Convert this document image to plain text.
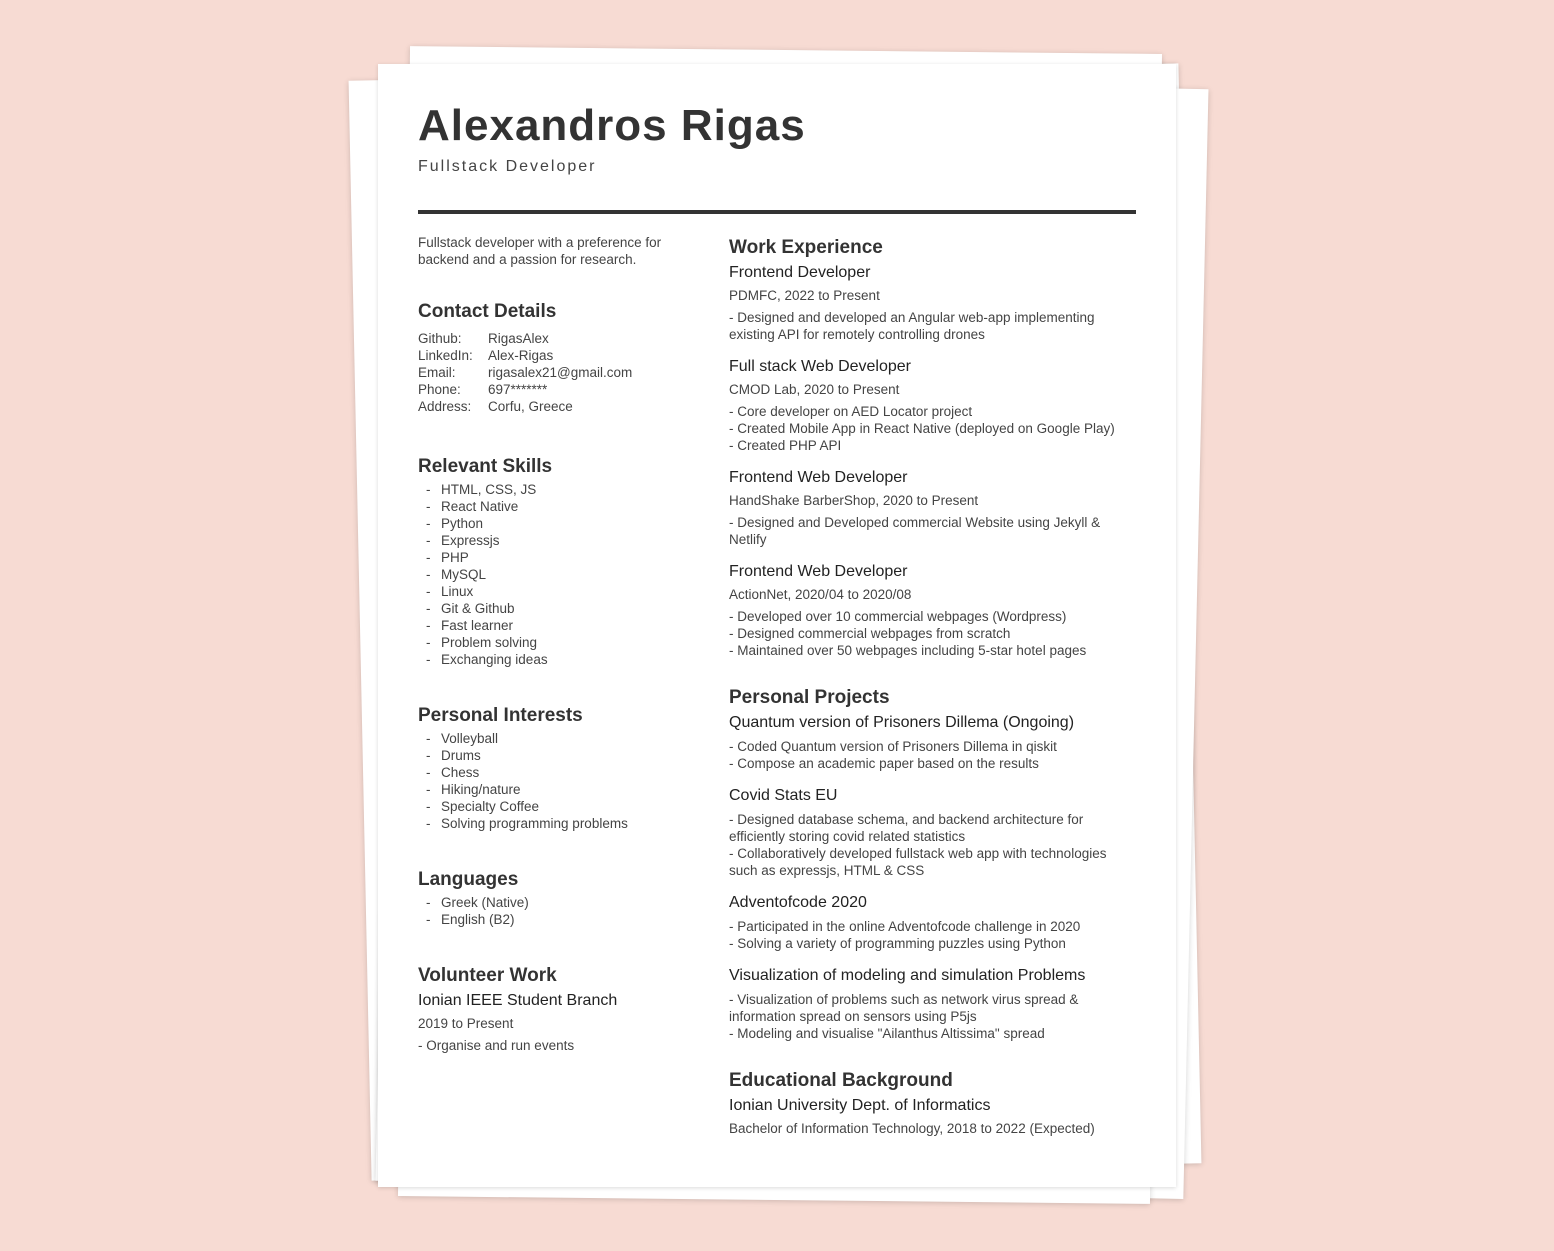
Alexandros Rigas
Fullstack Developer

Fullstack developer with a preference for backend and a passion for research.

Contact Details
Github:	RigasAlex
LinkedIn:	Alex-Rigas
Email:	rigasalex21@gmail.com
Phone:	697*******
Address:	Corfu, Greece
Relevant Skills
- HTML, CSS, JS
- React Native
- Python
- Expressjs
- PHP
- MySQL
- Linux
- Git & Github
- Fast learner
- Problem solving
- Exchanging ideas
Personal Interests
- Volleyball
- Drums
- Chess
- Hiking/nature
- Specialty Coffee
- Solving programming problems
Languages
- Greek (Native)
- English (B2)
Volunteer Work
Ionian IEEE Student Branch
2019 to Present
- Organise and run events
Work Experience
Frontend Developer
PDMFC, 2022 to Present
- Designed and developed an Angular web-app implementing existing API for remotely controlling drones
Full stack Web Developer
CMOD Lab, 2020 to Present
- Core developer on AED Locator project
- Created Mobile App in React Native (deployed on Google Play)
- Created PHP API
Frontend Web Developer
HandShake BarberShop, 2020 to Present
- Designed and Developed commercial Website using Jekyll & Netlify
Frontend Web Developer
ActionNet, 2020/04 to 2020/08
- Developed over 10 commercial webpages (Wordpress)
- Designed commercial webpages from scratch
- Maintained over 50 webpages including 5-star hotel pages
Personal Projects
Quantum version of Prisoners Dillema (Ongoing)
- Coded Quantum version of Prisoners Dillema in qiskit
- Compose an academic paper based on the results
Covid Stats EU
- Designed database schema, and backend architecture for efficiently storing covid related statistics
- Collaboratively developed fullstack web app with technologies such as expressjs, HTML & CSS
Adventofcode 2020
- Participated in the online Adventofcode challenge in 2020
- Solving a variety of programming puzzles using Python
Visualization of modeling and simulation Problems
- Visualization of problems such as network virus spread & information spread on sensors using P5js
- Modeling and visualise "Ailanthus Altissima" spread
Educational Background
Ionian University Dept. of Informatics
Bachelor of Information Technology, 2018 to 2022 (Expected)
